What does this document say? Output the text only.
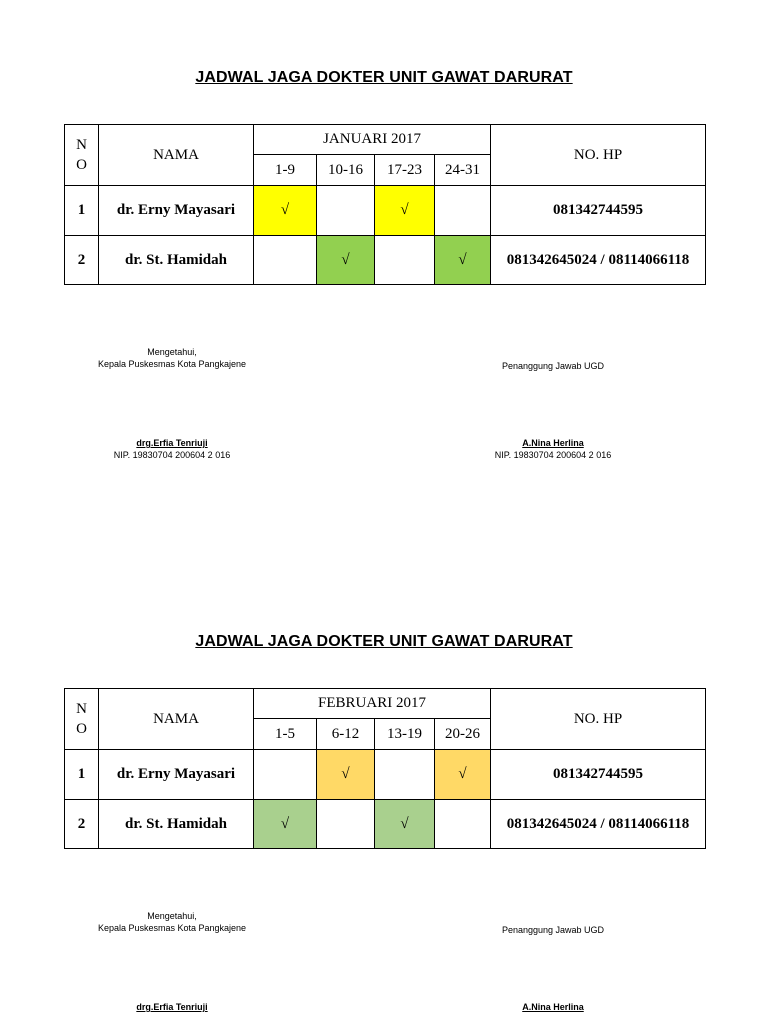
JADWAL JAGA DOKTER UNIT GAWAT DARURAT
N
O	NAMA	JANUARI 2017				NO. HP
		1-9	10-16	17-23	24-31	
1	dr. Erny Mayasari	√		√		081342744595
2	dr. St. Hamidah		√		√	081342645024 / 08114066118
Mengetahui,
Kepala Puskesmas Kota Pangkajene
drg.Erfia Tenriuji
NIP. 19830704 200604 2 016
Penanggung Jawab UGD
A.Nina Herlina
NIP. 19830704 200604 2 016
JADWAL JAGA DOKTER UNIT GAWAT DARURAT
N
O	NAMA	FEBRUARI 2017				NO. HP
		1-5	6-12	13-19	20-26	
1	dr. Erny Mayasari		√		√	081342744595
2	dr. St. Hamidah	√		√		081342645024 / 08114066118
Mengetahui,
Kepala Puskesmas Kota Pangkajene
drg.Erfia Tenriuji
Penanggung Jawab UGD
A.Nina Herlina
